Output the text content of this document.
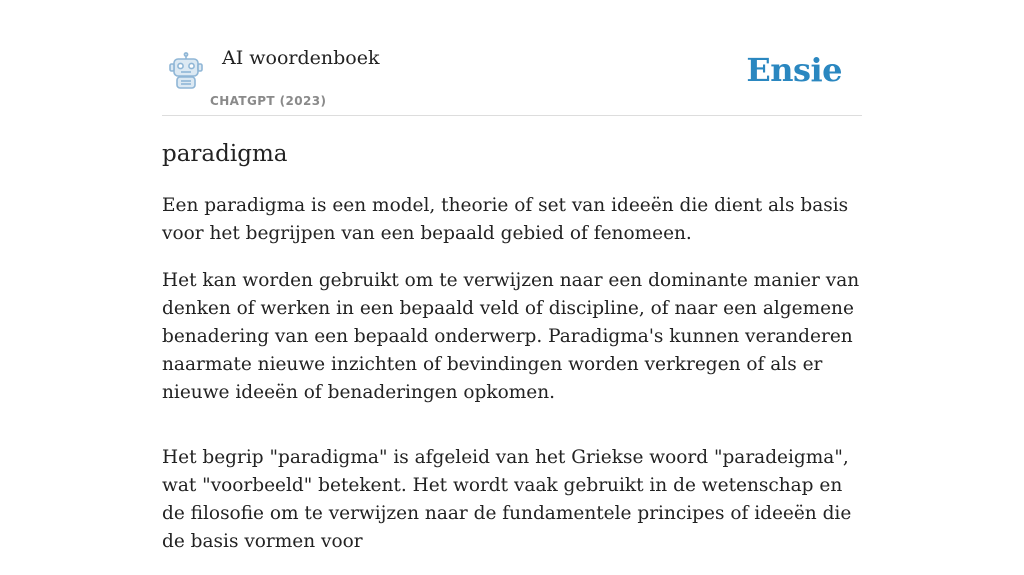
AI woordenboek
CHATGPT (2023)
Ensie
paradigma

Een paradigma is een model, theorie of set van ideeën die dient als basis voor het begrijpen van een bepaald gebied of fenomeen.

Het kan worden gebruikt om te verwijzen naar een dominante manier van denken of werken in een bepaald veld of discipline, of naar een algemene benadering van een bepaald onderwerp. Paradigma's kunnen veranderen naarmate nieuwe inzichten of bevindingen worden verkregen of als er nieuwe ideeën of benaderingen opkomen.

Het begrip "paradigma" is afgeleid van het Griekse woord "paradeigma", wat "voorbeeld" betekent. Het wordt vaak gebruikt in de wetenschap en de filosofie om te verwijzen naar de fundamentele principes of ideeën die de basis vormen voor
